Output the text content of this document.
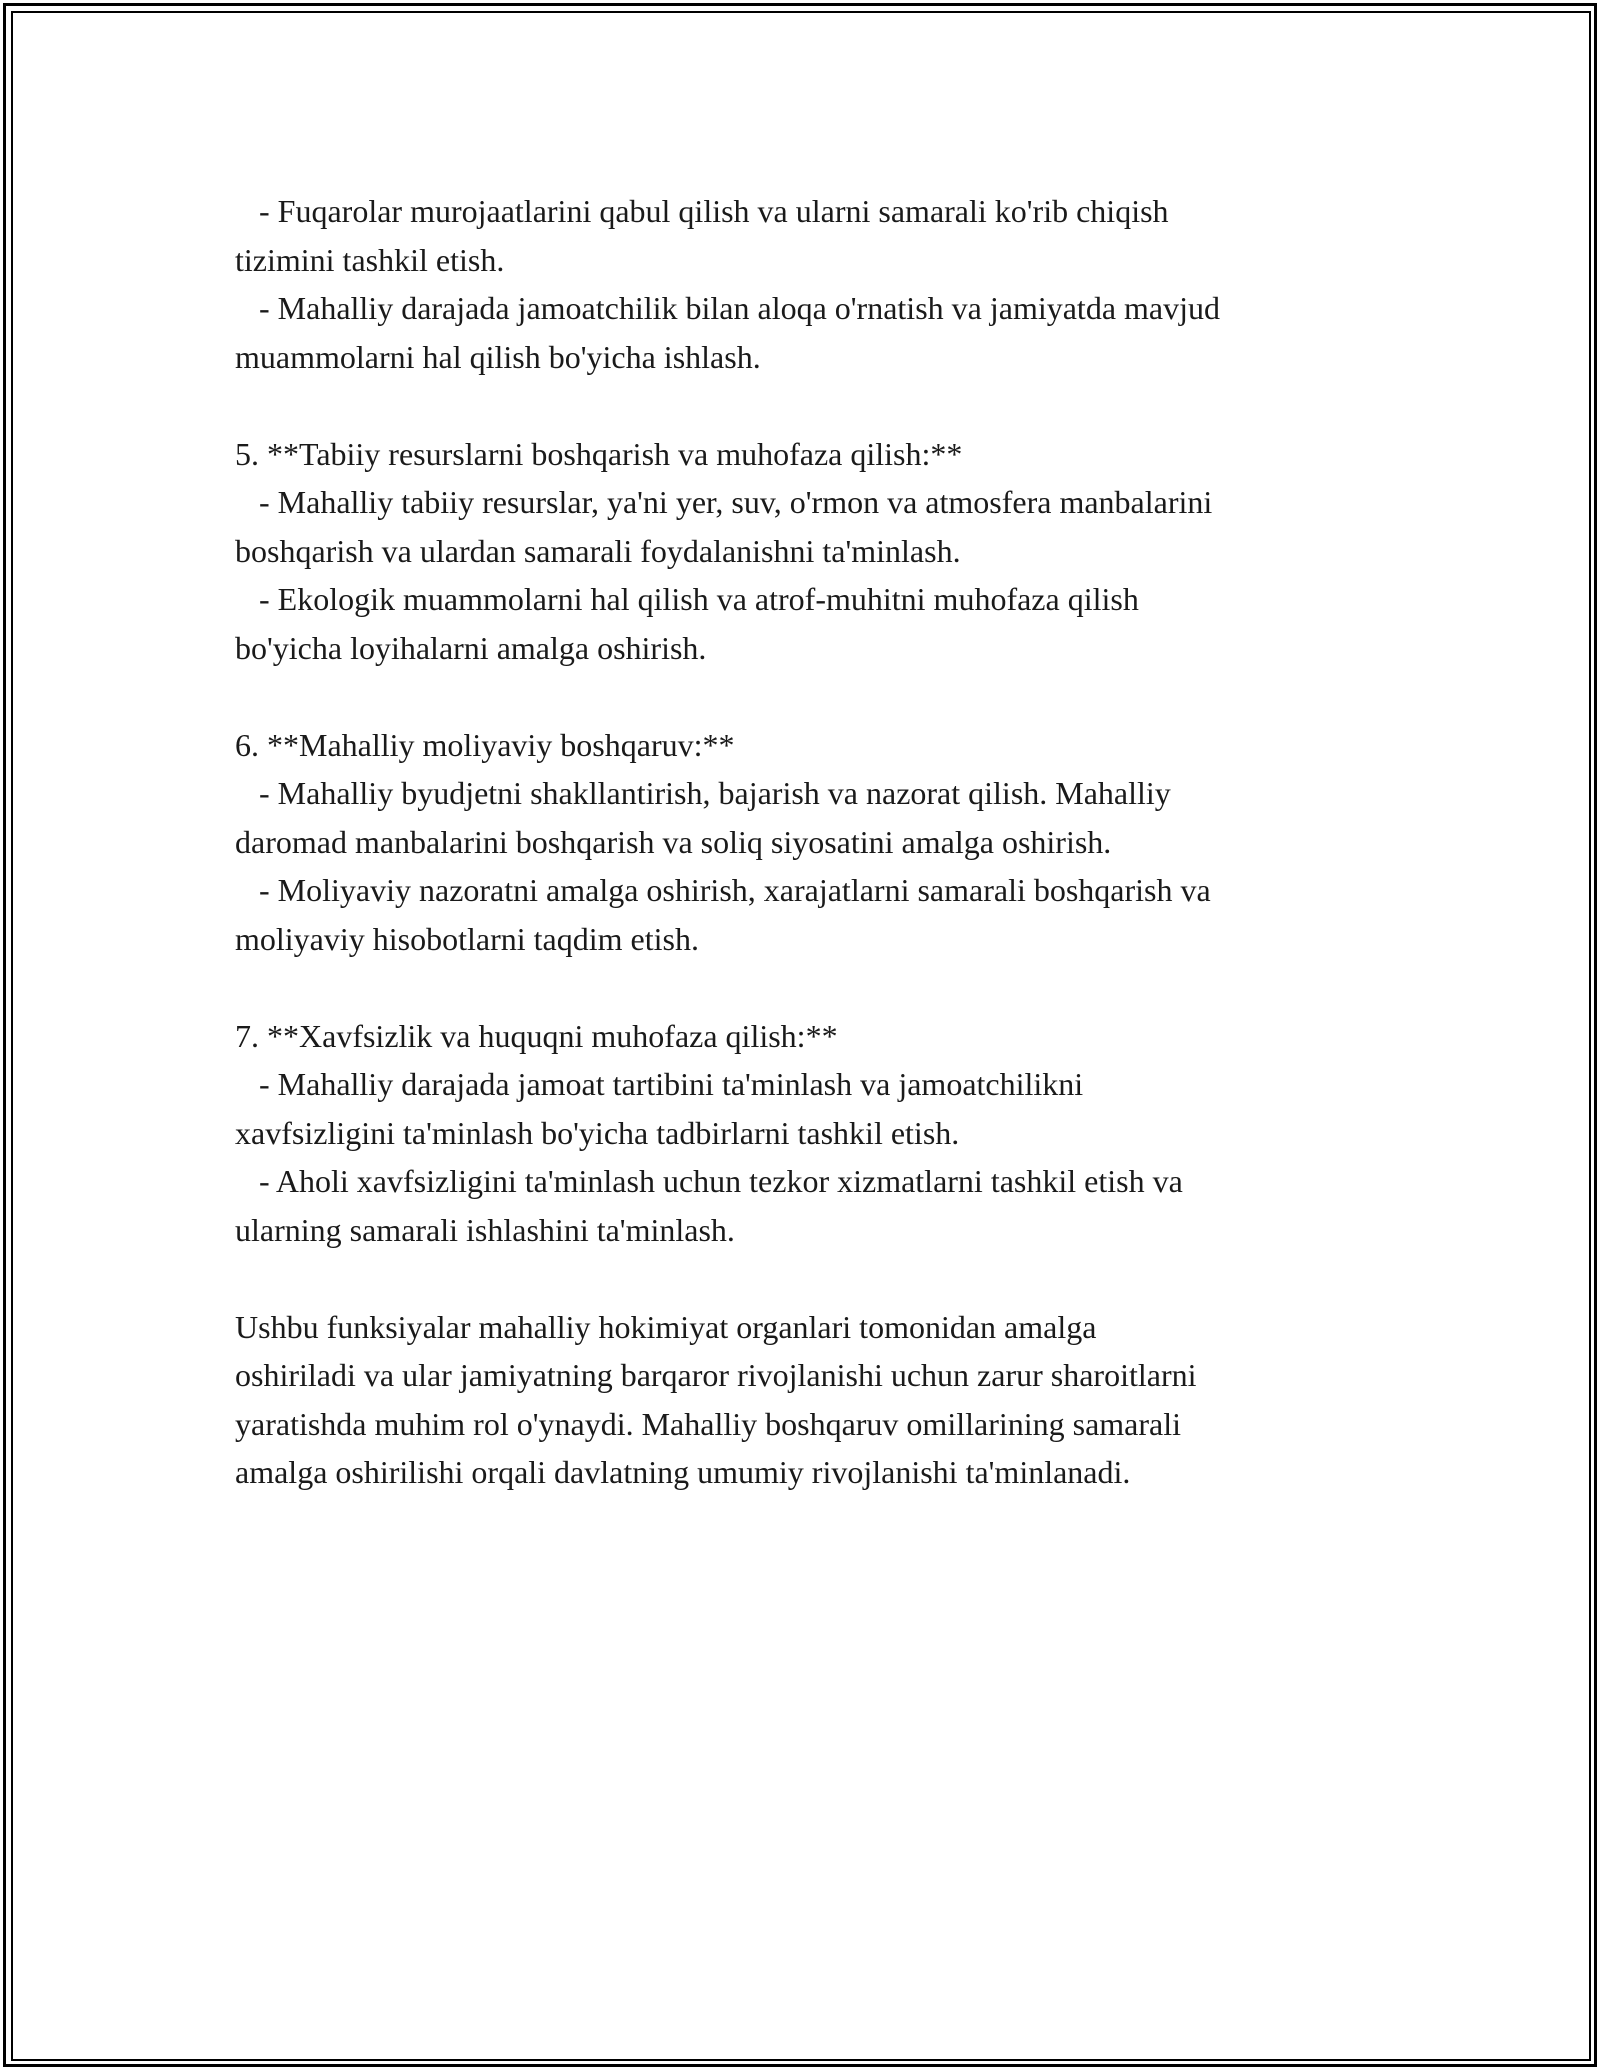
- Fuqarolar murojaatlarini qabul qilish va ularni samarali ko'rib chiqish
tizimini tashkil etish.
- Mahalliy darajada jamoatchilik bilan aloqa o'rnatish va jamiyatda mavjud
muammolarni hal qilish bo'yicha ishlash.
5. **Tabiiy resurslarni boshqarish va muhofaza qilish:**
- Mahalliy tabiiy resurslar, ya'ni yer, suv, o'rmon va atmosfera manbalarini
boshqarish va ulardan samarali foydalanishni ta'minlash.
- Ekologik muammolarni hal qilish va atrof-muhitni muhofaza qilish
bo'yicha loyihalarni amalga oshirish.
6. **Mahalliy moliyaviy boshqaruv:**
- Mahalliy byudjetni shakllantirish, bajarish va nazorat qilish. Mahalliy
daromad manbalarini boshqarish va soliq siyosatini amalga oshirish.
- Moliyaviy nazoratni amalga oshirish, xarajatlarni samarali boshqarish va
moliyaviy hisobotlarni taqdim etish.
7. **Xavfsizlik va huquqni muhofaza qilish:**
- Mahalliy darajada jamoat tartibini ta'minlash va jamoatchilikni
xavfsizligini ta'minlash bo'yicha tadbirlarni tashkil etish.
- Aholi xavfsizligini ta'minlash uchun tezkor xizmatlarni tashkil etish va
ularning samarali ishlashini ta'minlash.
Ushbu funksiyalar mahalliy hokimiyat organlari tomonidan amalga
oshiriladi va ular jamiyatning barqaror rivojlanishi uchun zarur sharoitlarni
yaratishda muhim rol o'ynaydi. Mahalliy boshqaruv omillarining samarali
amalga oshirilishi orqali davlatning umumiy rivojlanishi ta'minlanadi.
